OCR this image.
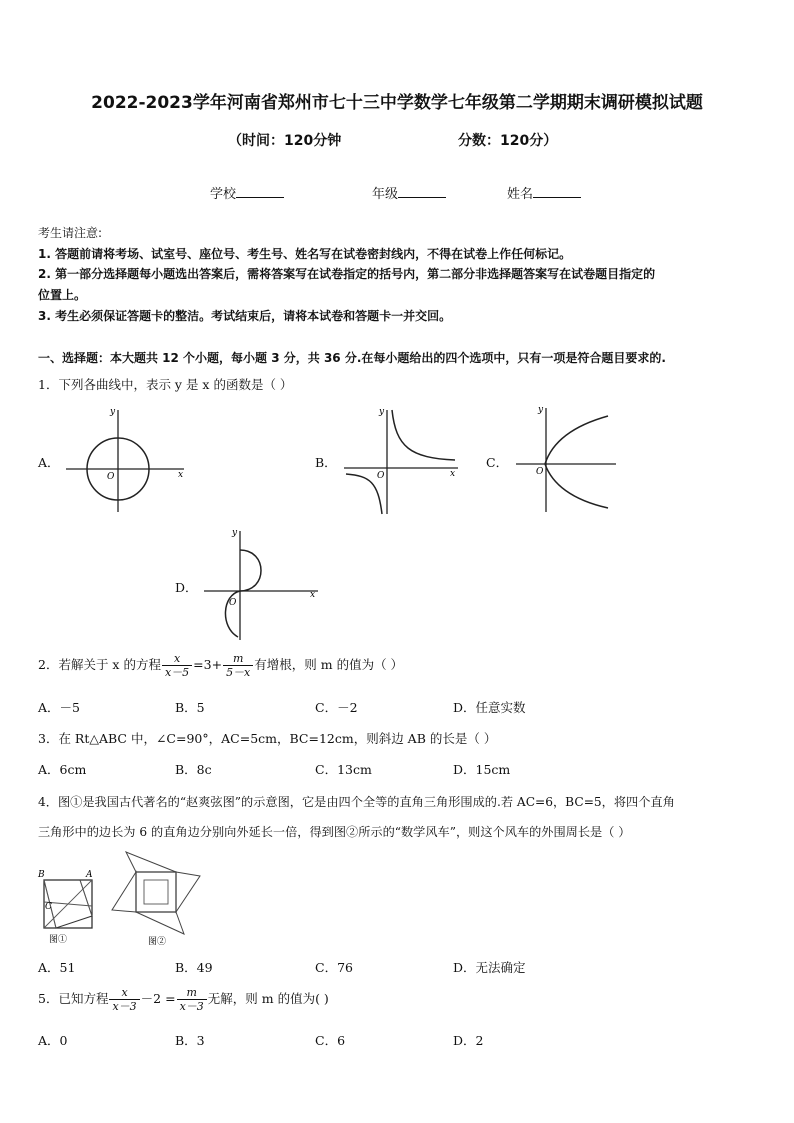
2022-2023学年河南省郑州市七十三中学数学七年级第二学期期末调研模拟试题
（时间：120分钟	分数：120分）
学校	年级	姓名
考生请注意:
1. 答题前请将考场、试室号、座位号、考生号、姓名写在试卷密封线内，不得在试卷上作任何标记。
2. 第一部分选择题每小题选出答案后，需将答案写在试卷指定的括号内，第二部分非选择题答案写在试卷题目指定的
位置上。
3. 考生必须保证答题卡的整洁。考试结束后，请将本试卷和答题卡一并交回。
一、选择题：本大题共 12 个小题，每小题 3 分，共 36 分.在每小题给出的四个选项中，只有一项是符合题目要求的.
1．下列各曲线中，表示 y 是 x 的函数是（ ）
A．	B．	C．
D．
y
x
O
y
x
O
y
O
y
x
O
2．若解关于 x 的方程 $\frac{x}{x-5} =3+ \frac{m}{5-x}$ 有增根，则 m 的值为（ ）
A．－5	B．5	C．－2	D．任意实数
3．在 Rt△ABC 中，∠C=90°，AC=5cm，BC=12cm，则斜边 AB 的长是（ ）
A．6cm	B．8c	C．13cm	D．15cm
4．图①是我国古代著名的“赵爽弦图”的示意图，它是由四个全等的直角三角形围成的.若 AC=6，BC=5，将四个直角
三角形中的边长为 6 的直角边分别向外延长一倍，得到图②所示的“数学风车”，则这个风车的外围周长是（ ）
B	A
C
图①	图②
A．51	B．49	C．76	D．无法确定
5．已知方程 $\frac{x}{x-3} -2 = \frac{m}{x-3}$ 无解，则 m 的值为( )
A．0	B．3	C．6	D．2
